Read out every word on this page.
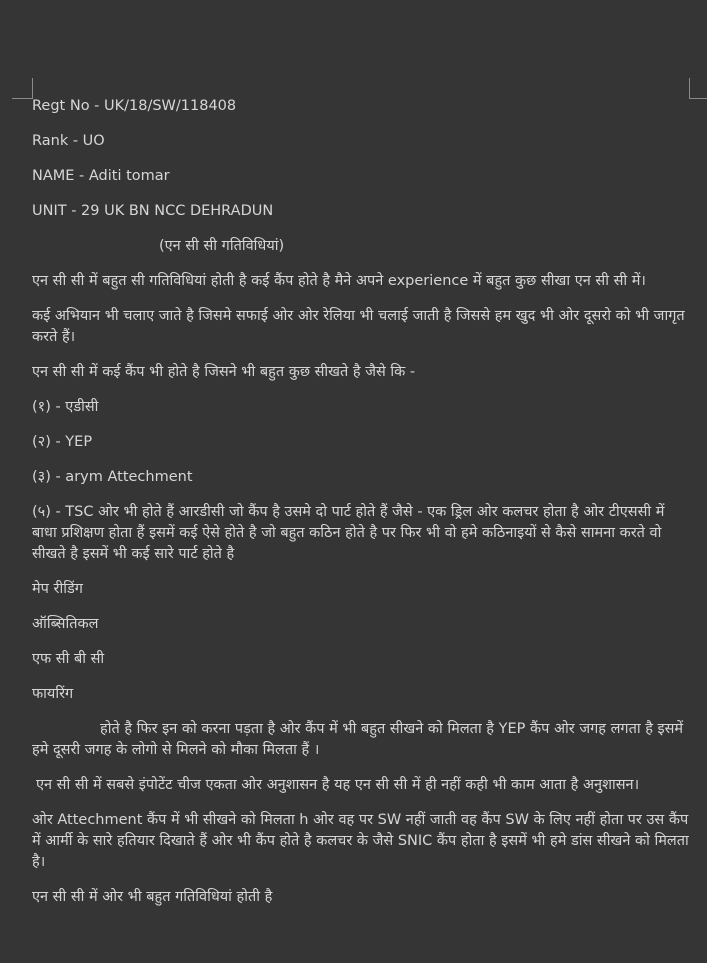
Regt No - UK/18/SW/118408

Rank - UO

NAME - Aditi tomar

UNIT - 29 UK BN NCC DEHRADUN

(एन सी सी गतिविधियां)

एन सी सी में बहुत सी गतिविधियां होती है कई कैंप होते है मैने अपने experience में बहुत कुछ सीखा एन सी सी में।

कई अभियान भी चलाए जाते है जिसमे सफाई ओर ओर रेलिया भी चलाई जाती है जिससे हम खुद भी ओर दूसरो को भी जागृत करते हैं।

एन सी सी में कई कैंप भी होते है जिसने भी बहुत कुछ सीखते है जैसे कि -

(१) - एडीसी

(२) - YEP

(३) - arym Attechment

(५) - TSC ओर भी होते हैं आरडीसी जो कैंप है उसमे दो पार्ट होते हैं जैसे - एक ड्रिल ओर कलचर होता है ओर टीएससी में बाधा प्रशिक्षण होता हैं इसमें कई ऐसे होते है जो बहुत कठिन होते है पर फिर भी वो हमे कठिनाइयों से कैसे सामना करते वो सीखते है इसमें भी कई सारे पार्ट होते है

मेप रीडिंग

ऑब्सितिकल

एफ सी बी सी

फायरिंग

होते है फिर इन को करना पड़ता है ओर कैंप में भी बहुत सीखने को मिलता है YEP कैंप ओर जगह लगता है इसमें हमे दूसरी जगह के लोगो से मिलने को मौका मिलता हैं ।

एन सी सी में सबसे इंपोटेंट चीज एकता ओर अनुशासन है यह एन सी सी में ही नहीं कही भी काम आता है अनुशासन।

ओर Attechment कैंप में भी सीखने को मिलता h ओर वह पर SW नहीं जाती वह कैंप SW के लिए नहीं होता पर उस कैंप में आर्मी के सारे हतियार दिखाते हैं ओर भी कैंप होते है कलचर के जैसे SNIC कैंप होता है इसमें भी हमे डांस सीखने को मिलता है।

एन सी सी में ओर भी बहुत गतिविधियां होती है
